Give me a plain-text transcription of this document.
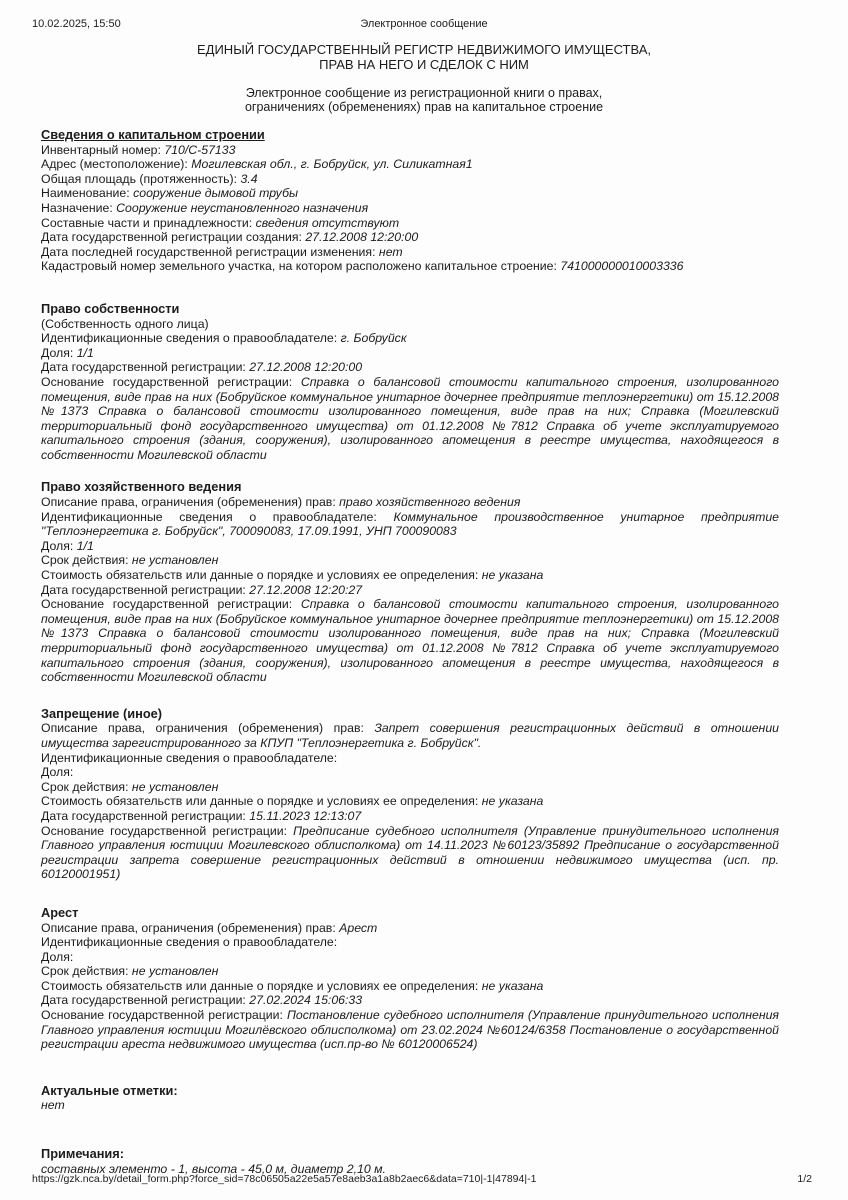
10.02.2025, 15:50	Электронное сообщение
ЕДИНЫЙ ГОСУДАРСТВЕННЫЙ РЕГИСТР НЕДВИЖИМОГО ИМУЩЕСТВА,
ПРАВ НА НЕГО И СДЕЛОК С НИМ
Электронное сообщение из регистрационной книги о правах,
ограничениях (обременениях) прав на капитальное строение
Сведения о капитальном строении
Инвентарный номер: 710/C-57133
Адрес (местоположение): Могилевская обл., г. Бобруйск, ул. Силикатная1
Общая площадь (протяженность): 3.4
Наименование: сооружение дымовой трубы
Назначение: Сооружение неустановленного назначения
Составные части и принадлежности: сведения отсутствуют
Дата государственной регистрации создания: 27.12.2008 12:20:00
Дата последней государственной регистрации изменения: нет
Кадастровый номер земельного участка, на котором расположено капитальное строение: 741000000010003336
Право собственности
(Собственность одного лица)
Идентификационные сведения о правообладателе: г. Бобруйск
Доля: 1/1
Дата государственной регистрации: 27.12.2008 12:20:00
Основание государственной регистрации: Справка о балансовой стоимости капитального строения, изолированного помещения, виде прав на них (Бобруйское коммунальное унитарное дочернее предприятие теплоэнергетики) от 15.12.2008 №1373 Справка о балансовой стоимости изолированного помещения, виде прав на них; Справка (Могилевский территориальный фонд государственного имущества) от 01.12.2008 №7812 Справка об учете эксплуатируемого капитального строения (здания, сооружения), изолированного апомещения в реестре имущества, находящегося в собственности Могилевской области
Право хозяйственного ведения
Описание права, ограничения (обременения) прав: право хозяйственного ведения
Идентификационные сведения о правообладателе: Коммунальное производственное унитарное предприятие "Теплоэнергетика г. Бобруйск", 700090083, 17.09.1991, УНП 700090083
Доля: 1/1
Срок действия: не установлен
Стоимость обязательств или данные о порядке и условиях ее определения: не указана
Дата государственной регистрации: 27.12.2008 12:20:27
Основание государственной регистрации: Справка о балансовой стоимости капитального строения, изолированного помещения, виде прав на них (Бобруйское коммунальное унитарное дочернее предприятие теплоэнергетики) от 15.12.2008 №1373 Справка о балансовой стоимости изолированного помещения, виде прав на них; Справка (Могилевский территориальный фонд государственного имущества) от 01.12.2008 №7812 Справка об учете эксплуатируемого капитального строения (здания, сооружения), изолированного апомещения в реестре имущества, находящегося в собственности Могилевской области
Запрещение (иное)
Описание права, ограничения (обременения) прав: Запрет совершения регистрационных действий в отношении имущества зарегистрированного за КПУП "Теплоэнергетика г. Бобруйск".
Идентификационные сведения о правообладателе:
Доля:
Срок действия: не установлен
Стоимость обязательств или данные о порядке и условиях ее определения: не указана
Дата государственной регистрации: 15.11.2023 12:13:07
Основание государственной регистрации: Предписание судебного исполнителя (Управление принудительного исполнения Главного управления юстиции Могилевского облисполкома) от 14.11.2023 №60123/35892 Предписание о государственной регистрации запрета совершение регистрационных действий в отношении недвижимого имущества (исп. пр. 60120001951)
Арест
Описание права, ограничения (обременения) прав: Арест
Идентификационные сведения о правообладателе:
Доля:
Срок действия: не установлен
Стоимость обязательств или данные о порядке и условиях ее определения: не указана
Дата государственной регистрации: 27.02.2024 15:06:33
Основание государственной регистрации: Постановление судебного исполнителя (Управление принудительного исполнения Главного управления юстиции Могилёвского облисполкома) от 23.02.2024 №60124/6358 Постановление о государственной регистрации ареста недвижимого имущества (исп.пр-во № 60120006524)
Актуальные отметки:
нет
Примечания:
составных элементо - 1, высота - 45,0 м, диаметр 2,10 м.
https://gzk.nca.by/detail_form.php?force_sid=78c06505a22e5a57e8aeb3a1a8b2aec6&data=710|-1|47894|-1	1/2
